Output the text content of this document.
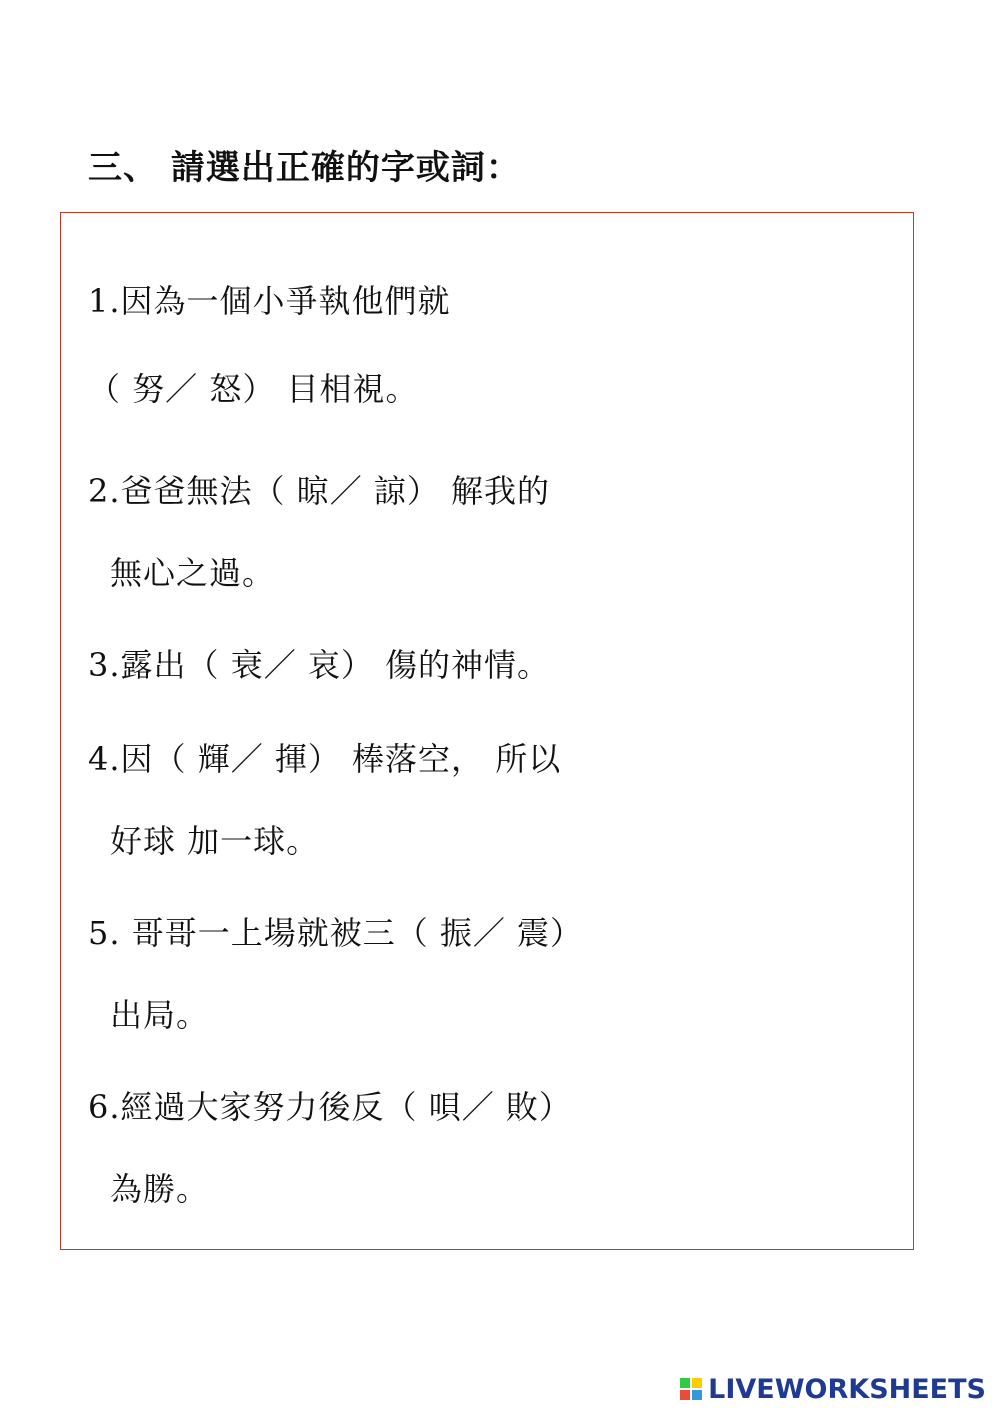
三、 請選出正確的字或詞：
1.因為一個小爭執他們就
（ 努／ 怒） 目相視。
2.爸爸無法（ 晾／ 諒） 解我的
無心之過。
3.露出（ 衰／ 哀） 傷的神情。
4.因（ 輝／ 揮） 棒落空， 所以
好球 加一球。
5. 哥哥一上場就被三（ 振／ 震）
出局。
6.經過大家努力後反（ 唄／ 敗）
為勝。
LIVEWORKSHEETS
